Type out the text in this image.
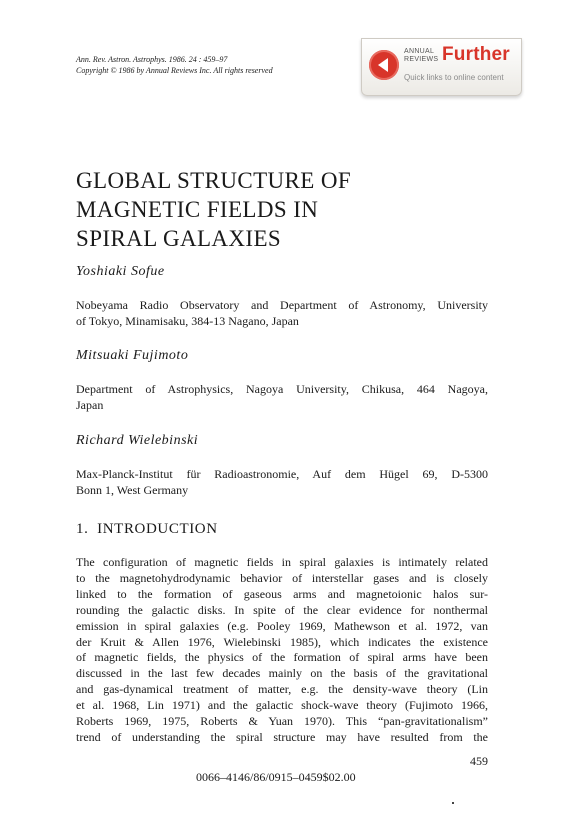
Ann. Rev. Astron. Astrophys. 1986. 24 : 459–97
Copyright © 1986 by Annual Reviews Inc. All rights reserved
ANNUAL
REVIEWS Further
Quick links to online content
GLOBAL STRUCTURE OF
MAGNETIC FIELDS IN
SPIRAL GALAXIES
Yoshiaki Sofue
Nobeyama Radio Observatory and Department of Astronomy, University
of Tokyo, Minamisaku, 384-13 Nagano, Japan
Mitsuaki Fujimoto
Department of Astrophysics, Nagoya University, Chikusa, 464 Nagoya,
Japan
Richard Wielebinski
Max-Planck-Institut für Radioastronomie, Auf dem Hügel 69, D-5300
Bonn 1, West Germany
1. INTRODUCTION
The configuration of magnetic fields in spiral galaxies is intimately related
to the magnetohydrodynamic behavior of interstellar gases and is closely
linked to the formation of gaseous arms and magnetoionic halos sur-
rounding the galactic disks. In spite of the clear evidence for nonthermal
emission in spiral galaxies (e.g. Pooley 1969, Mathewson et al. 1972, van
der Kruit & Allen 1976, Wielebinski 1985), which indicates the existence
of magnetic fields, the physics of the formation of spiral arms have been
discussed in the last few decades mainly on the basis of the gravitational
and gas-dynamical treatment of matter, e.g. the density-wave theory (Lin
et al. 1968, Lin 1971) and the galactic shock-wave theory (Fujimoto 1966,
Roberts 1969, 1975, Roberts & Yuan 1970). This “pan-gravitationalism”
trend of understanding the spiral structure may have resulted from the
459
0066–4146/86/0915–0459$02.00
